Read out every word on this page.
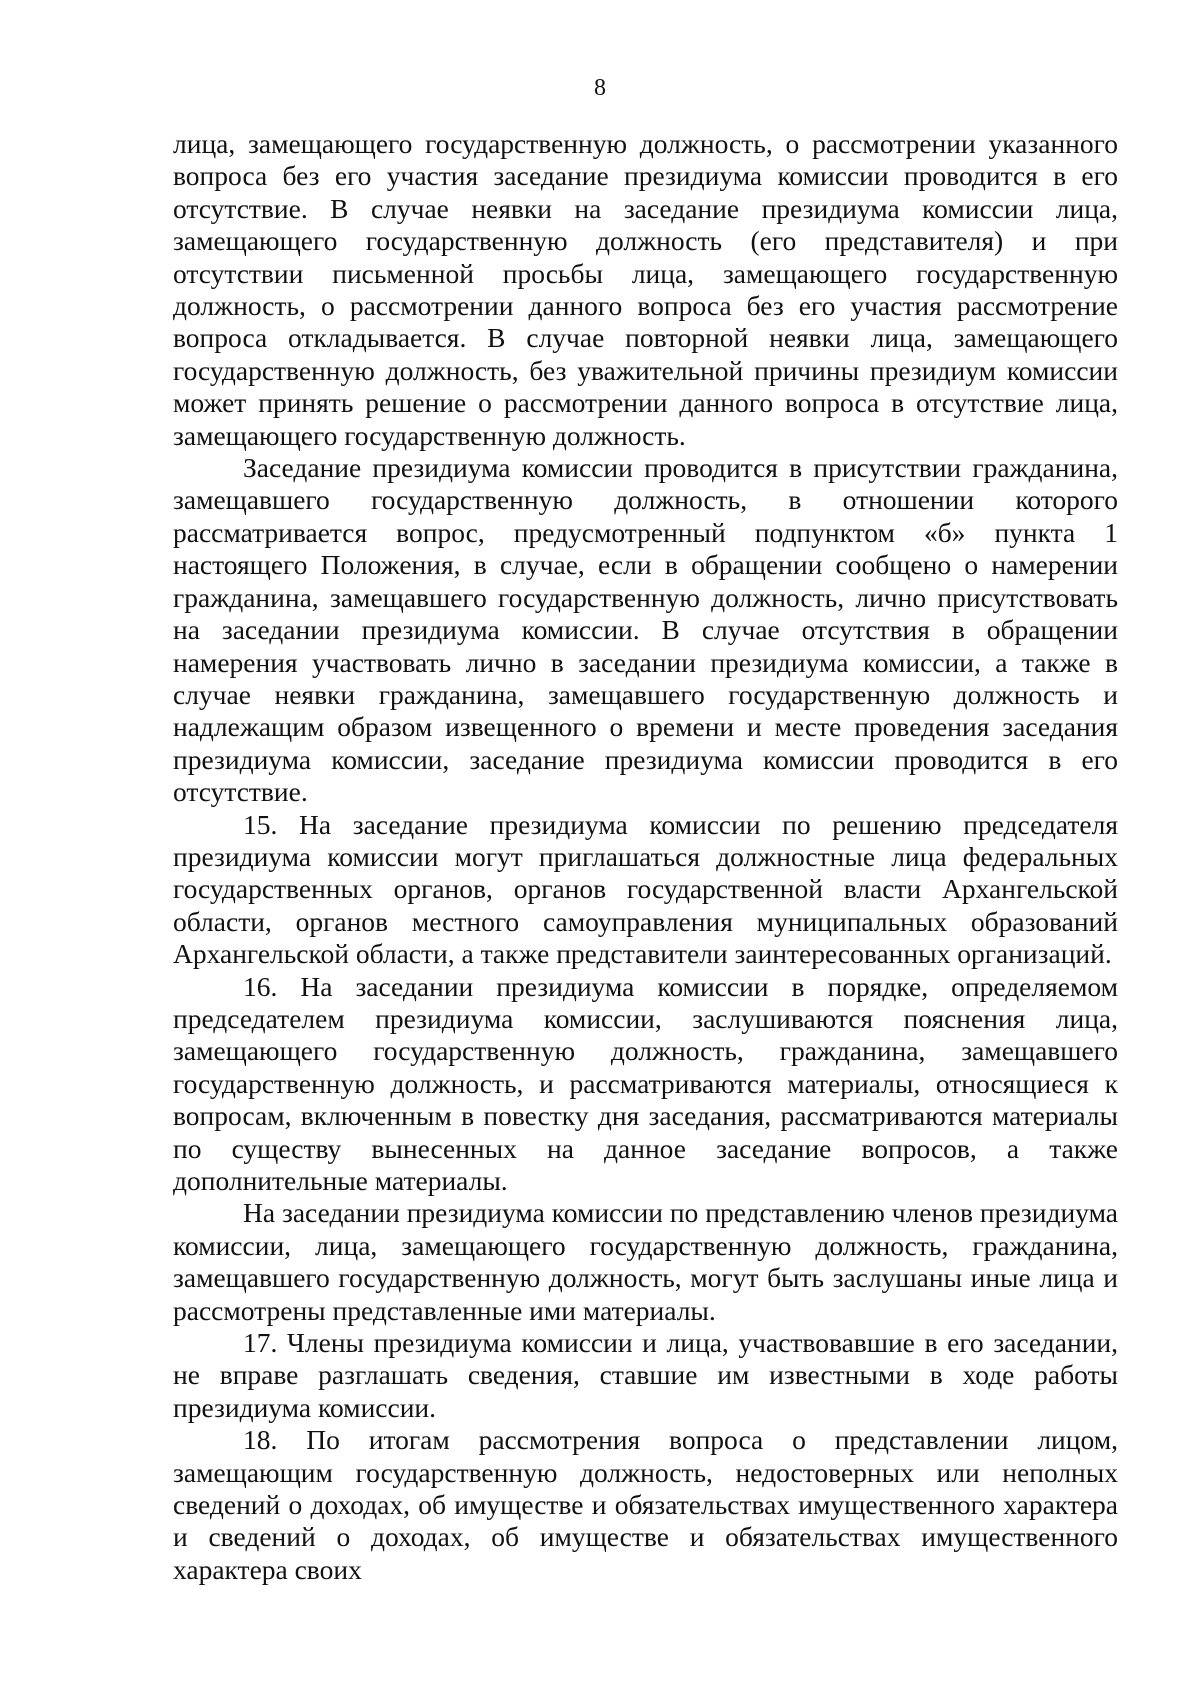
8

лица, замещающего государственную должность, о рассмотрении указанного вопроса без его участия заседание президиума комиссии проводится в его отсутствие. В случае неявки на заседание президиума комиссии лица, замещающего государственную должность (его представителя) и при отсутствии письменной просьбы лица, замещающего государственную должность, о рассмотрении данного вопроса без его участия рассмотрение вопроса откладывается. В случае повторной неявки лица, замещающего государственную должность, без уважительной причины президиум комиссии может принять решение о рассмотрении данного вопроса в отсутствие лица, замещающего государственную должность.

Заседание президиума комиссии проводится в присутствии гражданина, замещавшего государственную должность, в отношении которого рассматривается вопрос, предусмотренный подпунктом «б» пункта 1 настоящего Положения, в случае, если в обращении сообщено о намерении гражданина, замещавшего государственную должность, лично присутствовать на заседании президиума комиссии. В случае отсутствия в обращении намерения участвовать лично в заседании президиума комиссии, а также в случае неявки гражданина, замещавшего государственную должность и надлежащим образом извещенного о времени и месте проведения заседания президиума комиссии, заседание президиума комиссии проводится в его отсутствие.

15. На заседание президиума комиссии по решению председателя президиума комиссии могут приглашаться должностные лица федеральных государственных органов, органов государственной власти Архангельской области, органов местного самоуправления муниципальных образований Архангельской области, а также представители заинтересованных организаций.

16. На заседании президиума комиссии в порядке, определяемом председателем президиума комиссии, заслушиваются пояснения лица, замещающего государственную должность, гражданина, замещавшего государственную должность, и рассматриваются материалы, относящиеся к вопросам, включенным в повестку дня заседания, рассматриваются материалы по существу вынесенных на данное заседание вопросов, а также дополнительные материалы.

На заседании президиума комиссии по представлению членов президиума комиссии, лица, замещающего государственную должность, гражданина, замещавшего государственную должность, могут быть заслушаны иные лица и рассмотрены представленные ими материалы.

17. Члены президиума комиссии и лица, участвовавшие в его заседании, не вправе разглашать сведения, ставшие им известными в ходе работы президиума комиссии.

18. По итогам рассмотрения вопроса о представлении лицом, замещающим государственную должность, недостоверных или неполных сведений о доходах, об имуществе и обязательствах имущественного характера и сведений о доходах, об имуществе и обязательствах имущественного характера своих
